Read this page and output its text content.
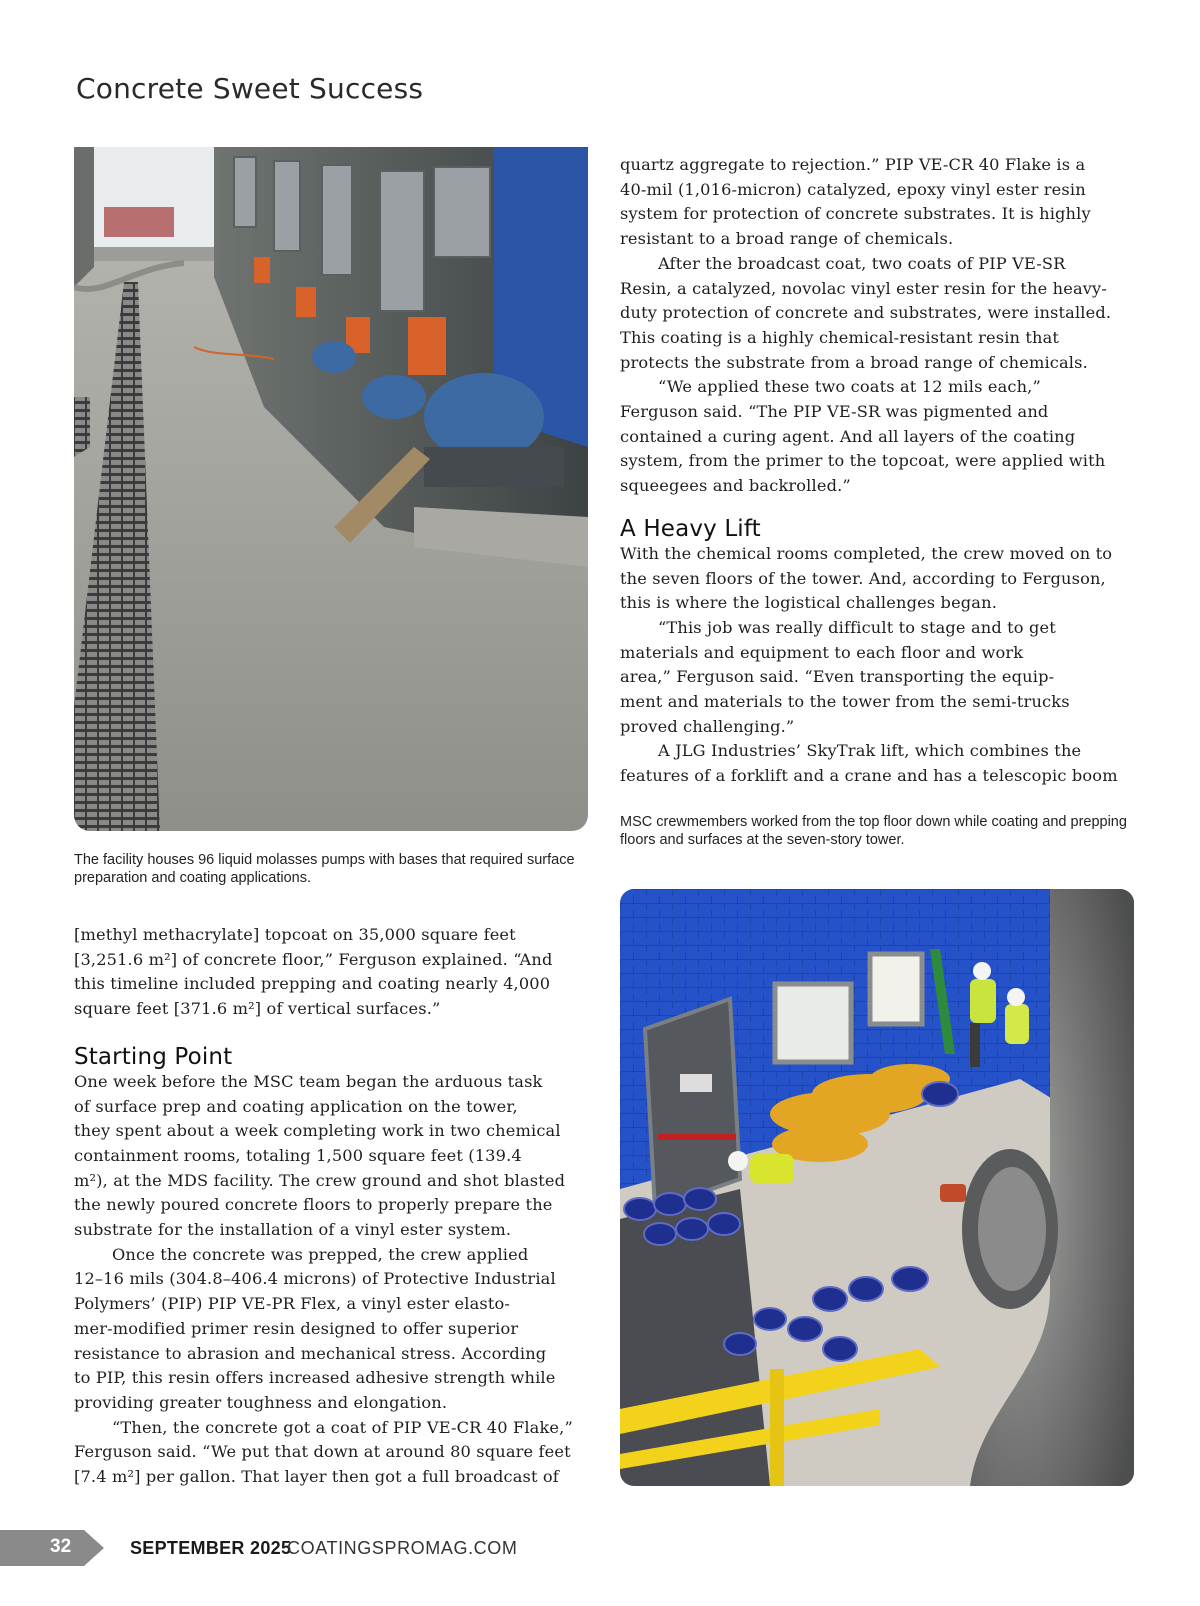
Concrete Sweet Success

The facility houses 96 liquid molasses pumps with bases that required surface preparation and coating applications.

quartz aggregate to rejection.” PIP VE-CR 40 Flake is a
40-mil (1,016-micron) catalyzed, epoxy vinyl ester resin
system for protection of concrete substrates. It is highly
resistant to a broad range of chemicals.

After the broadcast coat, two coats of PIP VE-SR
Resin, a catalyzed, novolac vinyl ester resin for the heavy-
duty protection of concrete and substrates, were installed.
This coating is a highly chemical-resistant resin that
protects the substrate from a broad range of chemicals.

“We applied these two coats at 12 mils each,”
Ferguson said. “The PIP VE-SR was pigmented and
contained a curing agent. And all layers of the coating
system, from the primer to the topcoat, were applied with
squeegees and backrolled.”

A Heavy Lift

With the chemical rooms completed, the crew moved on to
the seven floors of the tower. And, according to Ferguson,
this is where the logistical challenges began.

“This job was really difficult to stage and to get
materials and equipment to each floor and work
area,” Ferguson said. “Even transporting the equip-
ment and materials to the tower from the semi-trucks
proved challenging.”

A JLG Industries’ SkyTrak lift, which combines the
features of a forklift and a crane and has a telescopic boom

MSC crewmembers worked from the top floor down while coating and prepping floors and surfaces at the seven-story tower.

[methyl methacrylate] topcoat on 35,000 square feet
[3,251.6 m²] of concrete floor,” Ferguson explained. “And
this timeline included prepping and coating nearly 4,000
square feet [371.6 m²] of vertical surfaces.”

Starting Point

One week before the MSC team began the arduous task
of surface prep and coating application on the tower,
they spent about a week completing work in two chemical
containment rooms, totaling 1,500 square feet (139.4
m²), at the MDS facility. The crew ground and shot blasted
the newly poured concrete floors to properly prepare the
substrate for the installation of a vinyl ester system.

Once the concrete was prepped, the crew applied
12–16 mils (304.8–406.4 microns) of Protective Industrial
Polymers’ (PIP) PIP VE-PR Flex, a vinyl ester elasto-
mer-modified primer resin designed to offer superior
resistance to abrasion and mechanical stress. According
to PIP, this resin offers increased adhesive strength while
providing greater toughness and elongation.

“Then, the concrete got a coat of PIP VE-CR 40 Flake,”
Ferguson said. “We put that down at around 80 square feet
[7.4 m²] per gallon. That layer then got a full broadcast of

32	SEPTEMBER 2025
COATINGSPROMAG.COM
